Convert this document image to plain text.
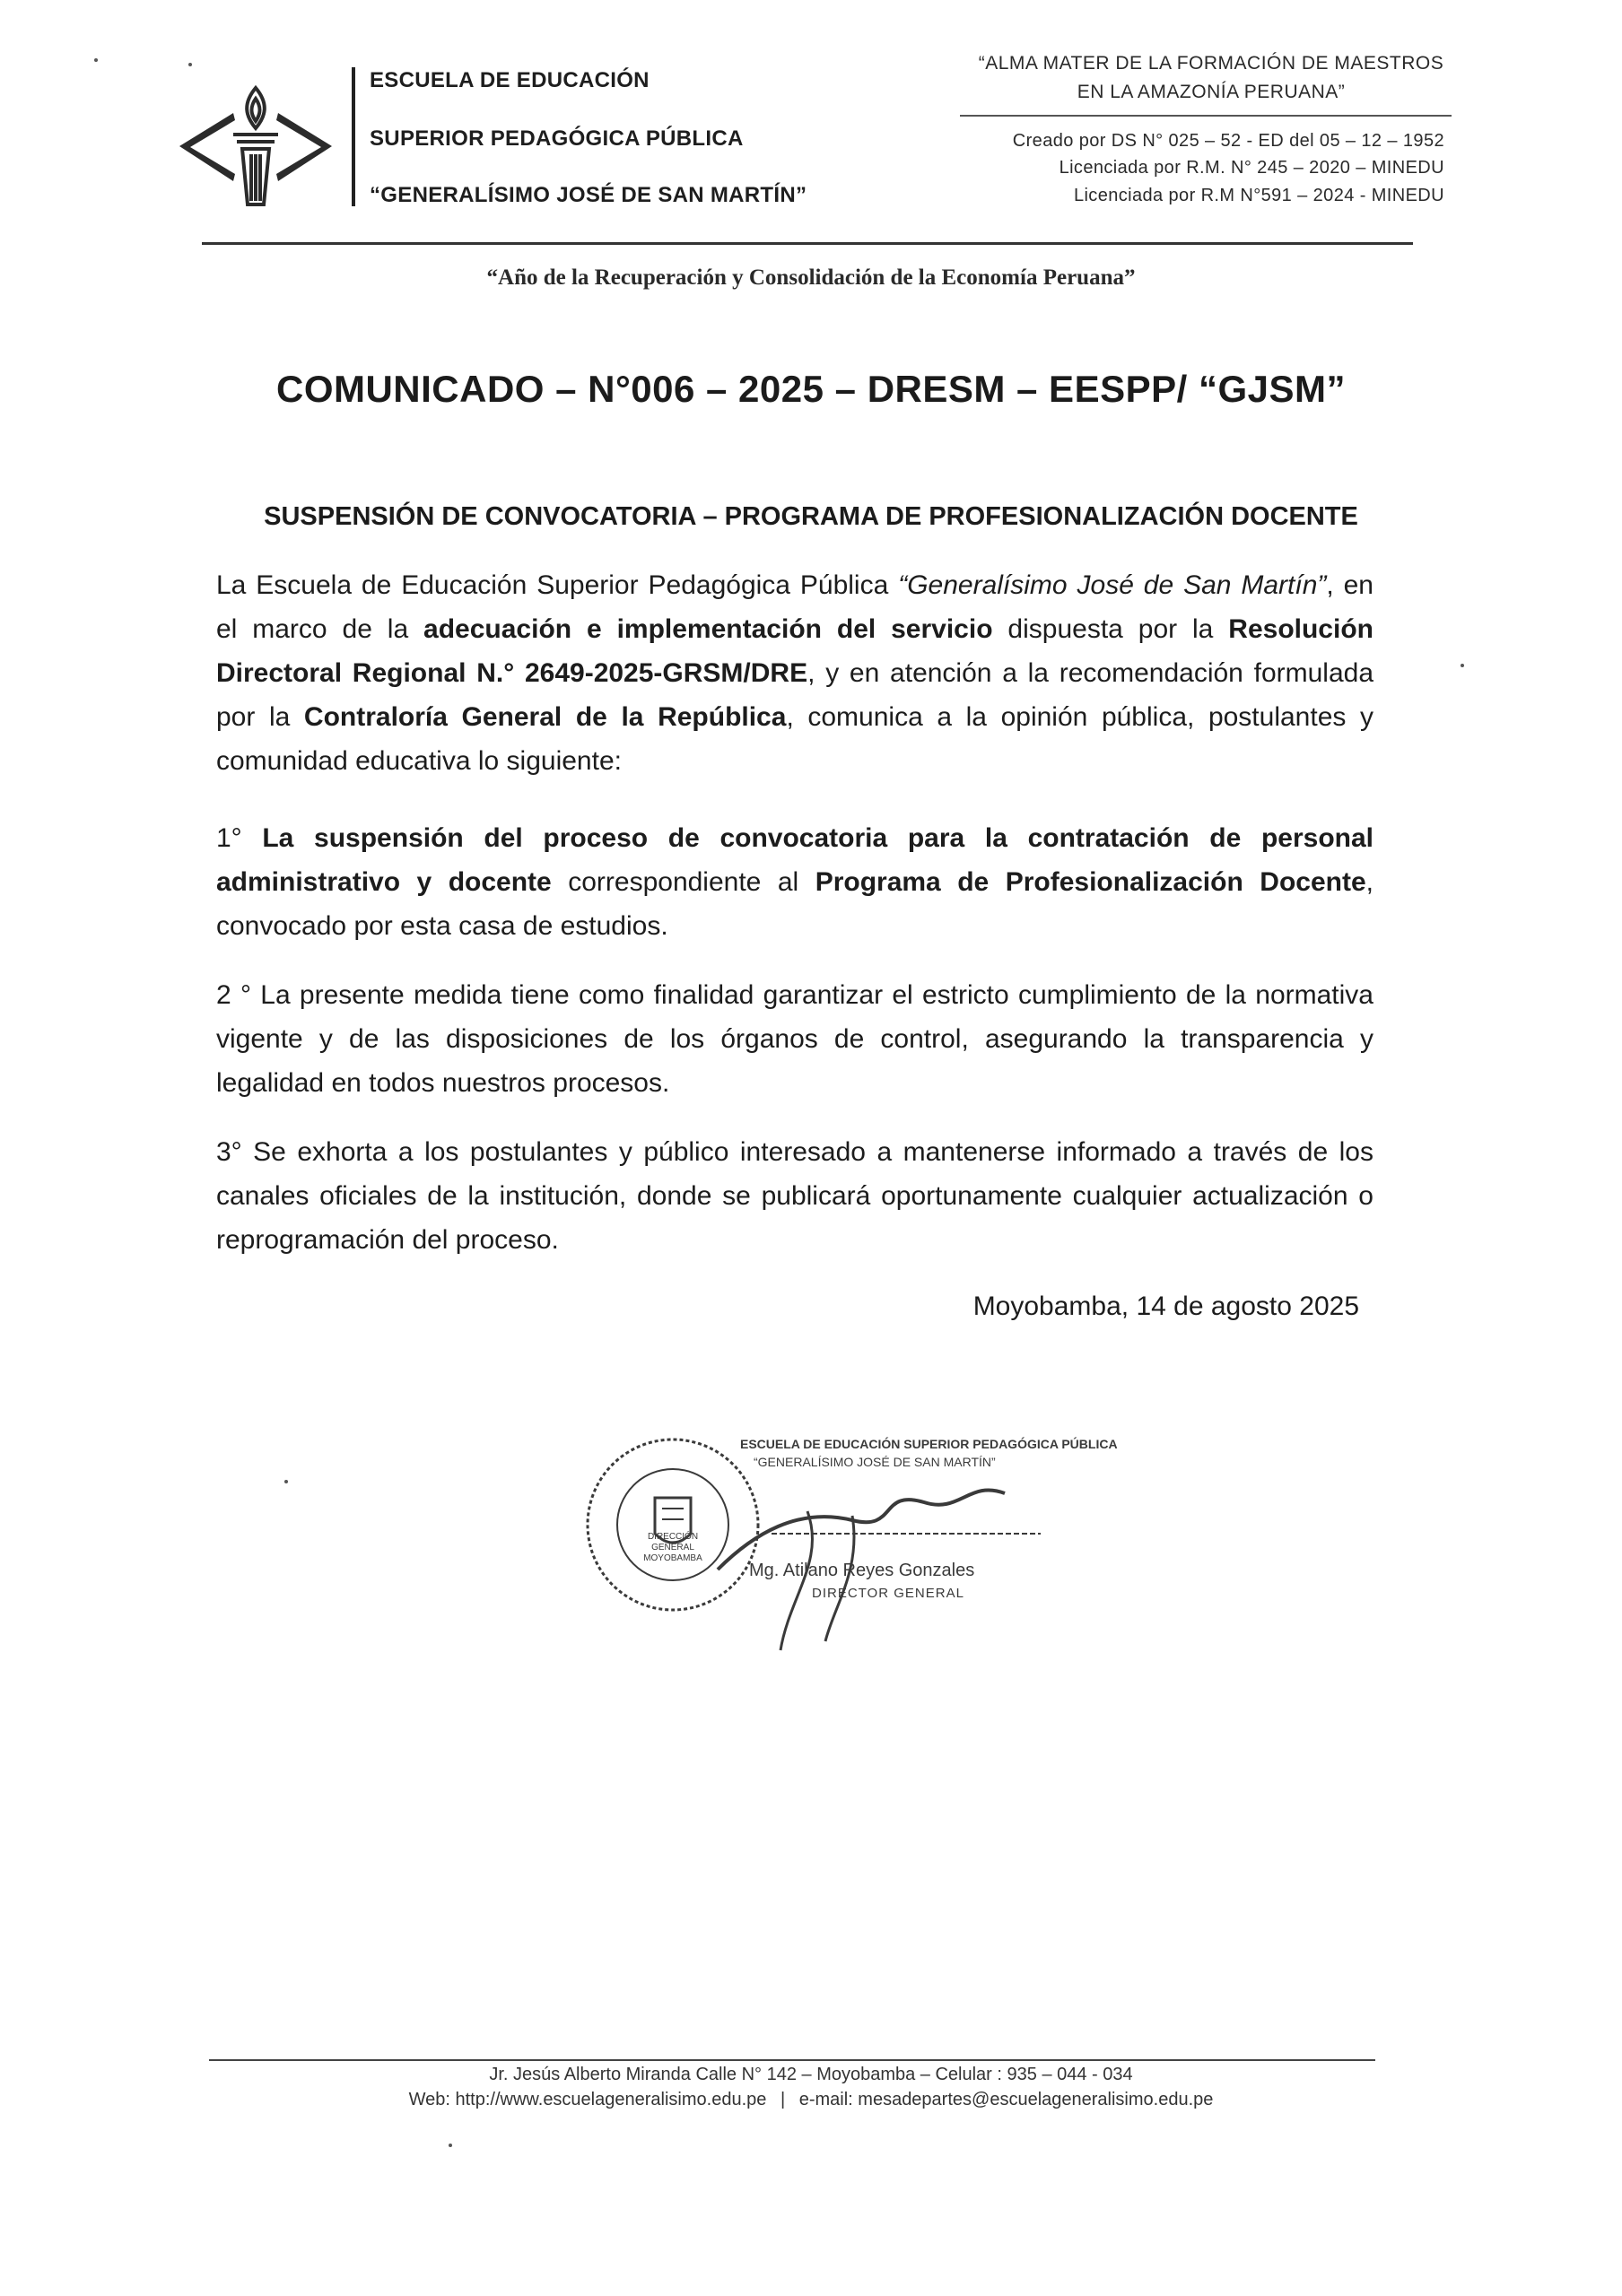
ESCUELA DE EDUCACIÓN
SUPERIOR PEDAGÓGICA PÚBLICA
“GENERALÍSIMO JOSÉ DE SAN MARTÍN”
“ALMA MATER DE LA FORMACIÓN DE MAESTROS
EN LA AMAZONÍA PERUANA”
Creado por DS N° 025 – 52 - ED del 05 – 12 – 1952
Licenciada por R.M. N° 245 – 2020 – MINEDU
Licenciada por R.M N°591 – 2024 - MINEDU
“Año de la Recuperación y Consolidación de la Economía Peruana”
COMUNICADO – N°006 – 2025 – DRESM – EESPP/ “GJSM”
SUSPENSIÓN DE CONVOCATORIA – PROGRAMA DE PROFESIONALIZACIÓN DOCENTE
La Escuela de Educación Superior Pedagógica Pública “Generalísimo José de San Martín”, en el marco de la adecuación e implementación del servicio dispuesta por la Resolución Directoral Regional N.° 2649-2025-GRSM/DRE, y en atención a la recomendación formulada por la Contraloría General de la República, comunica a la opinión pública, postulantes y comunidad educativa lo siguiente:
1° La suspensión del proceso de convocatoria para la contratación de personal administrativo y docente correspondiente al Programa de Profesionalización Docente, convocado por esta casa de estudios.
2 ° La presente medida tiene como finalidad garantizar el estricto cumplimiento de la normativa vigente y de las disposiciones de los órganos de control, asegurando la transparencia y legalidad en todos nuestros procesos.
3° Se exhorta a los postulantes y público interesado a mantenerse informado a través de los canales oficiales de la institución, donde se publicará oportunamente cualquier actualización o reprogramación del proceso.
Moyobamba, 14 de agosto 2025
DIRECCIÓN GENERAL MOYOBAMBA
ESCUELA DE EDUCACIÓN SUPERIOR PEDAGÓGICA PÚBLICA
“GENERALÍSIMO JOSÉ DE SAN MARTÍN”
Mg. Atilano Reyes Gonzales
DIRECTOR GENERAL
Jr. Jesús Alberto Miranda Calle N° 142 – Moyobamba – Celular : 935 – 044 - 034
Web: http://www.escuelageneralisimo.edu.pe | e-mail: mesadepartes@escuelageneralisimo.edu.pe
